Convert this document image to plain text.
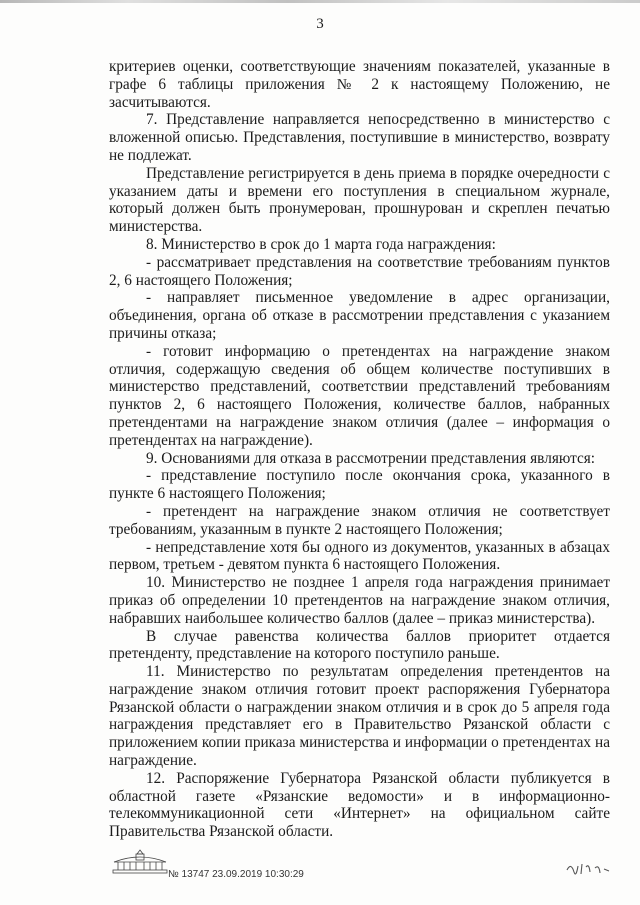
3

критериев оценки, соответствующие значениям показателей, указанные в графе 6 таблицы приложения № 2 к настоящему Положению, не засчитываются.

7. Представление направляется непосредственно в министерство с вложенной описью. Представления, поступившие в министерство, возврату не подлежат.

Представление регистрируется в день приема в порядке очередности с указанием даты и времени его поступления в специальном журнале, который должен быть пронумерован, прошнурован и скреплен печатью министерства.

8. Министерство в срок до 1 марта года награждения:

- рассматривает представления на соответствие требованиям пунктов 2, 6 настоящего Положения;

- направляет письменное уведомление в адрес организации, объединения, органа об отказе в рассмотрении представления с указанием причины отказа;

- готовит информацию о претендентах на награждение знаком отличия, содержащую сведения об общем количестве поступивших в министерство представлений, соответствии представлений требованиям пунктов 2, 6 настоящего Положения, количестве баллов, набранных претендентами на награждение знаком отличия (далее – информация о претендентах на награждение).

9. Основаниями для отказа в рассмотрении представления являются:

- представление поступило после окончания срока, указанного в пункте 6 настоящего Положения;

- претендент на награждение знаком отличия не соответствует требованиям, указанным в пункте 2 настоящего Положения;

- непредставление хотя бы одного из документов, указанных в абзацах первом, третьем - девятом пункта 6 настоящего Положения.

10. Министерство не позднее 1 апреля года награждения принимает приказ об определении 10 претендентов на награждение знаком отличия, набравших наибольшее количество баллов (далее – приказ министерства).

В случае равенства количества баллов приоритет отдается претенденту, представление на которого поступило раньше.

11. Министерство по результатам определения претендентов на награждение знаком отличия готовит проект распоряжения Губернатора Рязанской области о награждении знаком отличия и в срок до 5 апреля года награждения представляет его в Правительство Рязанской области с приложением копии приказа министерства и информации о претендентах на награждение.

12. Распоряжение Губернатора Рязанской области публикуется в областной газете «Рязанские ведомости» и в информационно-телекоммуникационной сети «Интернет» на официальном сайте Правительства Рязанской области.

№ 13747 23.09.2019 10:30:29
